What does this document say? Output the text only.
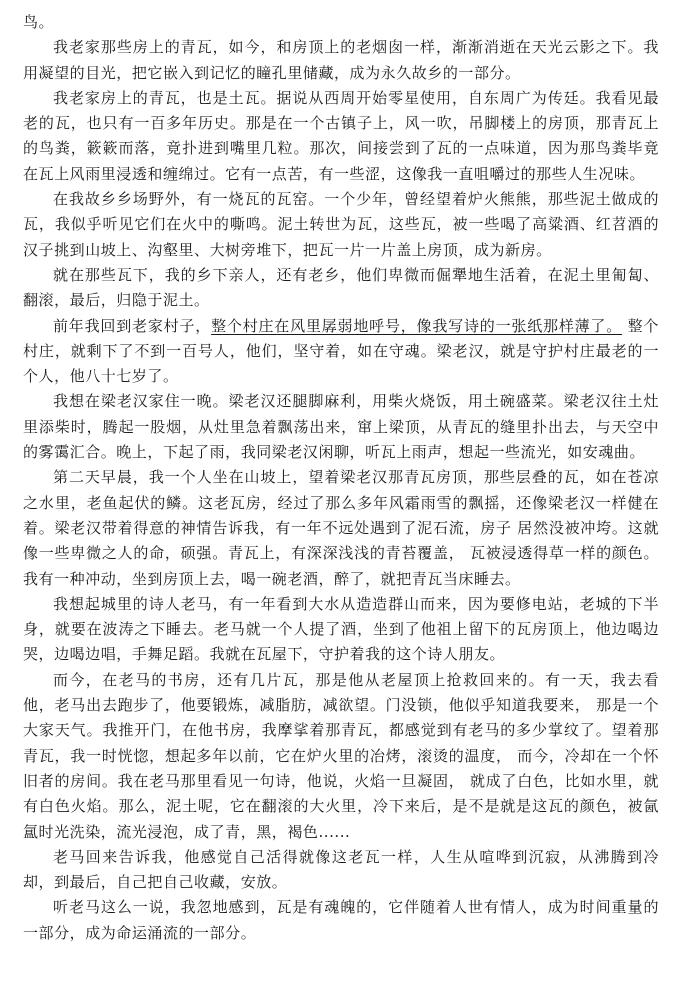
鸟。

我老家那些房上的青瓦，如今，和房顶上的老烟囱一样，渐渐消逝在天光云影之下。我用凝望的目光，把它嵌入到记忆的瞳孔里储藏，成为永久故乡的一部分。

我老家房上的青瓦，也是土瓦。据说从西周开始零星使用，自东周广为传廷。我看见最老的瓦，也只有一百多年历史。那是在一个古镇子上，风一吹，吊脚楼上的房顶，那青瓦上的鸟粪，簌簌而落，竟扑进到嘴里几粒。那次，间接尝到了瓦的一点味道，因为那鸟粪毕竟在瓦上风雨里浸透和缠绵过。它有一点苦，有一些涩，这像我一直咀嚼过的那些人生况味。

在我故乡乡场野外，有一烧瓦的瓦窑。一个少年，曾经望着炉火熊熊，那些泥土做成的瓦，我似乎听见它们在火中的嘶鸣。泥土转世为瓦，这些瓦，被一些喝了高粱酒、红苕酒的汉子挑到山坡上、沟壑里、大树旁堆下，把瓦一片一片盖上房顶，成为新房。

就在那些瓦下，我的乡下亲人，还有老乡，他们卑微而倔犟地生活着，在泥土里匍匐、翻滚，最后，归隐于泥土。

前年我回到老家村子，整个村庄在风里孱弱地呼号，像我写诗的一张纸那样薄了。 整个村庄，就剩下了不到一百号人，他们，坚守着，如在守魂。梁老汉，就是守护村庄最老的一个人，他八十七岁了。

我想在梁老汉家住一晚。梁老汉还腿脚麻利，用柴火烧饭，用土碗盛菜。梁老汉往土灶里添柴时，腾起一股烟，从灶里急着飘荡出来，窜上梁顶，从青瓦的缝里扑出去，与天空中的雾霭汇合。晚上，下起了雨，我同梁老汉闲聊，听瓦上雨声，想起一些流光，如安魂曲。

第二天早晨，我一个人坐在山坡上，望着梁老汉那青瓦房顶，那些层叠的瓦，如在苍凉之水里，老鱼起伏的鳞。这老瓦房，经过了那么多年风霜雨雪的飘摇，还像梁老汉一样健在着。梁老汉带着得意的神情告诉我，有一年不远处遇到了泥石流，房子 居然没被冲垮。这就像一些卑微之人的命，硕强。青瓦上，有深深浅浅的青苔覆盖， 瓦被浸透得草一样的颜色。我有一种冲动，坐到房顶上去，喝一碗老酒，醉了，就把青瓦当床睡去。

我想起城里的诗人老马，有一年看到大水从造造群山而来，因为要修电站，老城的下半身，就要在波涛之下睡去。老马就一个人提了酒，坐到了他祖上留下的瓦房顶上，他边喝边哭，边喝边唱，手舞足蹈。我就在瓦屋下，守护着我的这个诗人朋友。

而今，在老马的书房，还有几片瓦，那是他从老屋顶上抢救回来的。有一天，我去看他，老马出去跑步了，他要锻炼，减脂肪，减欲望。门没锁，他似乎知道我要来， 那是一个大家天气。我推开门，在他书房，我摩挲着那青瓦，都感觉到有老马的多少掌纹了。望着那青瓦，我一时恍惚，想起多年以前，它在炉火里的冶烤，滚烫的温度， 而今，冷却在一个怀旧者的房间。我在老马那里看见一句诗，他说，火焰一旦凝固， 就成了白色，比如水里，就有白色火焰。那么，泥土呢，它在翻滚的大火里，冷下来后，是不是就是这瓦的颜色，被氤氲时光洗染，流光浸泡，成了青，黑，褐色......

老马回来告诉我，他感觉自己活得就像这老瓦一样，人生从喧哗到沉寂，从沸腾到冷却，到最后，自己把自己收藏，安放。

听老马这么一说，我忽地感到，瓦是有魂魄的，它伴随着人世有情人，成为时间重量的一部分，成为命运涌流的一部分。
